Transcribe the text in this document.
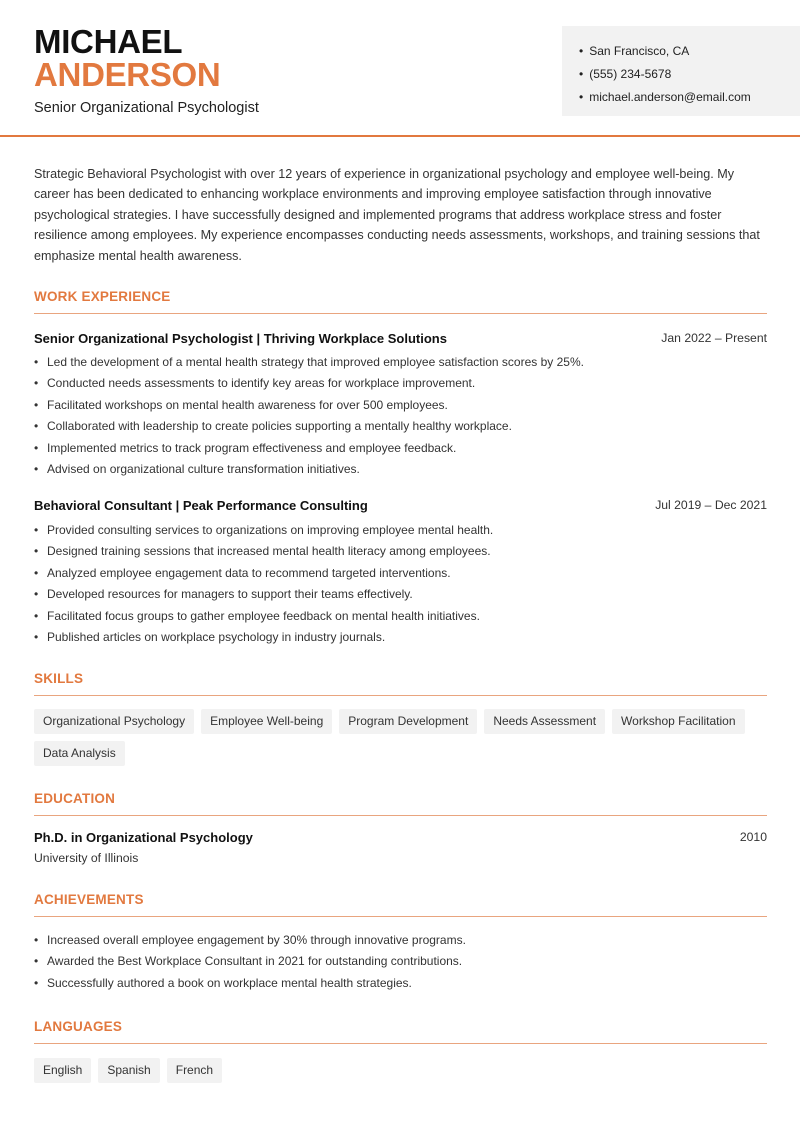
MICHAEL
ANDERSON
Senior Organizational Psychologist
• San Francisco, CA
• (555) 234-5678
• michael.anderson@email.com

Strategic Behavioral Psychologist with over 12 years of experience in organizational psychology and employee well-being. My career has been dedicated to enhancing workplace environments and improving employee satisfaction through innovative psychological strategies. I have successfully designed and implemented programs that address workplace stress and foster resilience among employees. My experience encompasses conducting needs assessments, workshops, and training sessions that emphasize mental health awareness.

WORK EXPERIENCE
Senior Organizational Psychologist | Thriving Workplace Solutions	Jan 2022 – Present
• Led the development of a mental health strategy that improved employee satisfaction scores by 25%.
• Conducted needs assessments to identify key areas for workplace improvement.
• Facilitated workshops on mental health awareness for over 500 employees.
• Collaborated with leadership to create policies supporting a mentally healthy workplace.
• Implemented metrics to track program effectiveness and employee feedback.
• Advised on organizational culture transformation initiatives.
Behavioral Consultant | Peak Performance Consulting	Jul 2019 – Dec 2021
• Provided consulting services to organizations on improving employee mental health.
• Designed training sessions that increased mental health literacy among employees.
• Analyzed employee engagement data to recommend targeted interventions.
• Developed resources for managers to support their teams effectively.
• Facilitated focus groups to gather employee feedback on mental health initiatives.
• Published articles on workplace psychology in industry journals.
SKILLS
Organizational Psychology	Employee Well-being	Program Development	Needs Assessment	Workshop Facilitation
Data Analysis
EDUCATION
Ph.D. in Organizational Psychology	2010
University of Illinois
ACHIEVEMENTS
• Increased overall employee engagement by 30% through innovative programs.
• Awarded the Best Workplace Consultant in 2021 for outstanding contributions.
• Successfully authored a book on workplace mental health strategies.
LANGUAGES
English	Spanish	French
